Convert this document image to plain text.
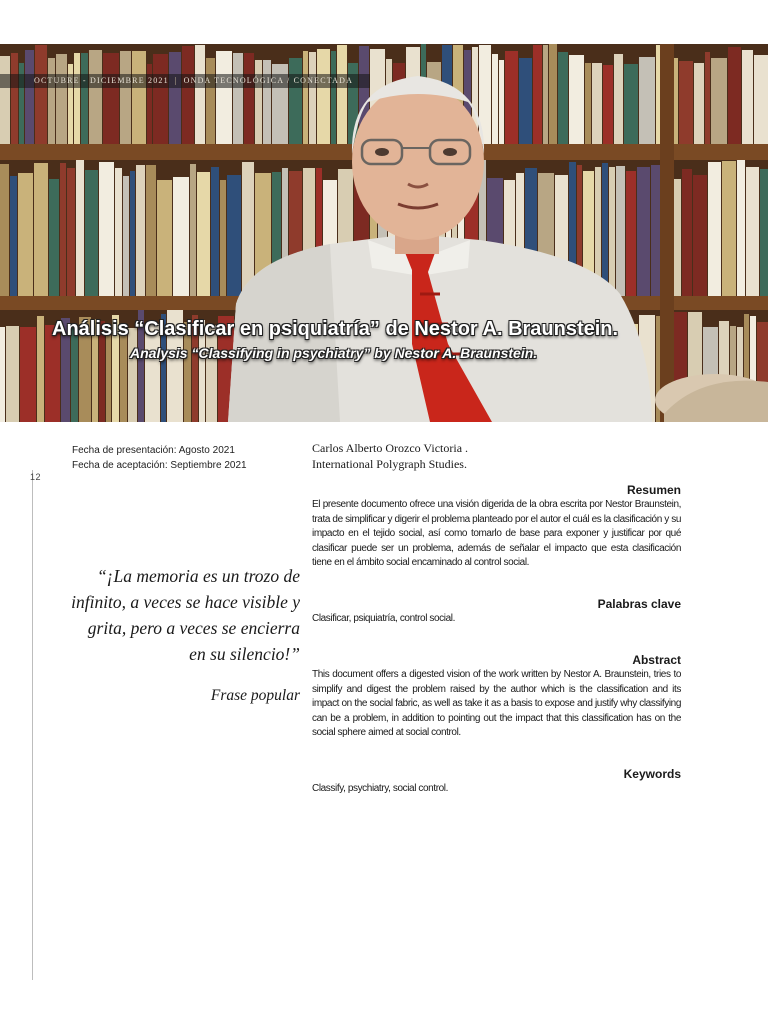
OCTUBRE - DICIEMBRE 2021 | ONDA TECNOLÓGICA / CONECTADA
Análisis “Clasificar en psiquiatría” de Nestor A. Braunstein.
Analysis “Classifying in psychiatry” by Nestor A. Braunstein.
12
Fecha de presentación: Agosto 2021
Fecha de aceptación: Septiembre 2021
“¡La memoria es un trozo de infinito, a veces se hace visible y grita, pero a veces se encierra en su silencio!”
Frase popular
Carlos Alberto Orozco Victoria .
International Polygraph Studies.
Resumen

El presente documento ofrece una visión digerida de la obra escrita por Nestor Braunstein, trata de simplificar y digerir el problema planteado por el autor el cuál es la clasificación y su impacto en el tejido social, así como tomarlo de base para exponer y justificar por qué clasificar puede ser un problema, además de señalar el impacto que esta clasificación tiene en el ámbito social encaminado al control social.

Palabras clave

Clasificar, psiquiatría, control social.

Abstract

This document offers a digested vision of the work written by Nestor A. Braunstein, tries to simplify and digest the problem raised by the author which is the classification and its impact on the social fabric, as well as take it as a basis to expose and justify why classifying can be a problem, in addition to pointing out the impact that this classification has on the social sphere aimed at social control.

Keywords

Classify, psychiatry, social control.
